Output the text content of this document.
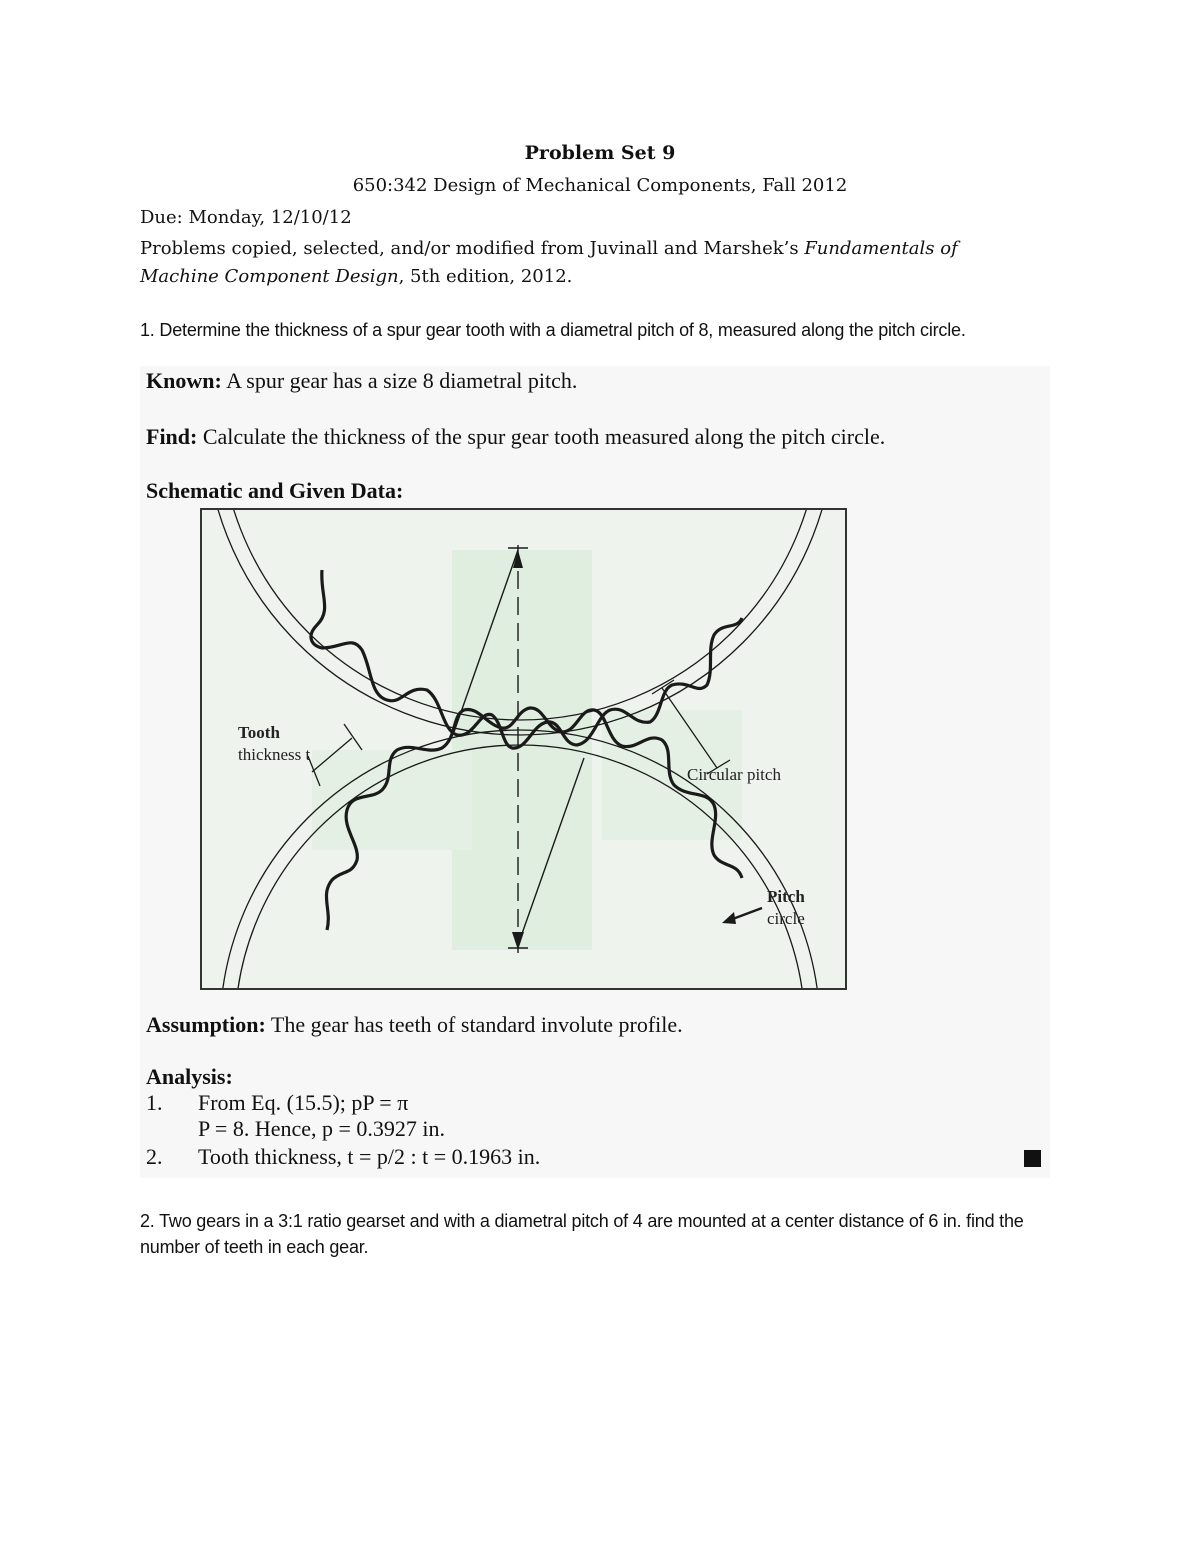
Problem Set 9
650:342 Design of Mechanical Components, Fall 2012
Due: Monday, 12/10/12
Problems copied, selected, and/or modified from Juvinall and Marshek’s Fundamentals of Machine Component Design, 5th edition, 2012.
1. Determine the thickness of a spur gear tooth with a diametral pitch of 8, measured along the pitch circle.
Known: A spur gear has a size 8 diametral pitch.
Find: Calculate the thickness of the spur gear tooth measured along the pitch circle.
Schematic and Given Data:
Tooth
thickness t
Circular pitch
Pitch
circle
Assumption: The gear has teeth of standard involute profile.
Analysis:
1. From Eq. (15.5); pP = π
P = 8. Hence, p = 0.3927 in.
2. Tooth thickness, t = p/2 : t = 0.1963 in.
2. Two gears in a 3:1 ratio gearset and with a diametral pitch of 4 are mounted at a center distance of 6 in. find the number of teeth in each gear.
